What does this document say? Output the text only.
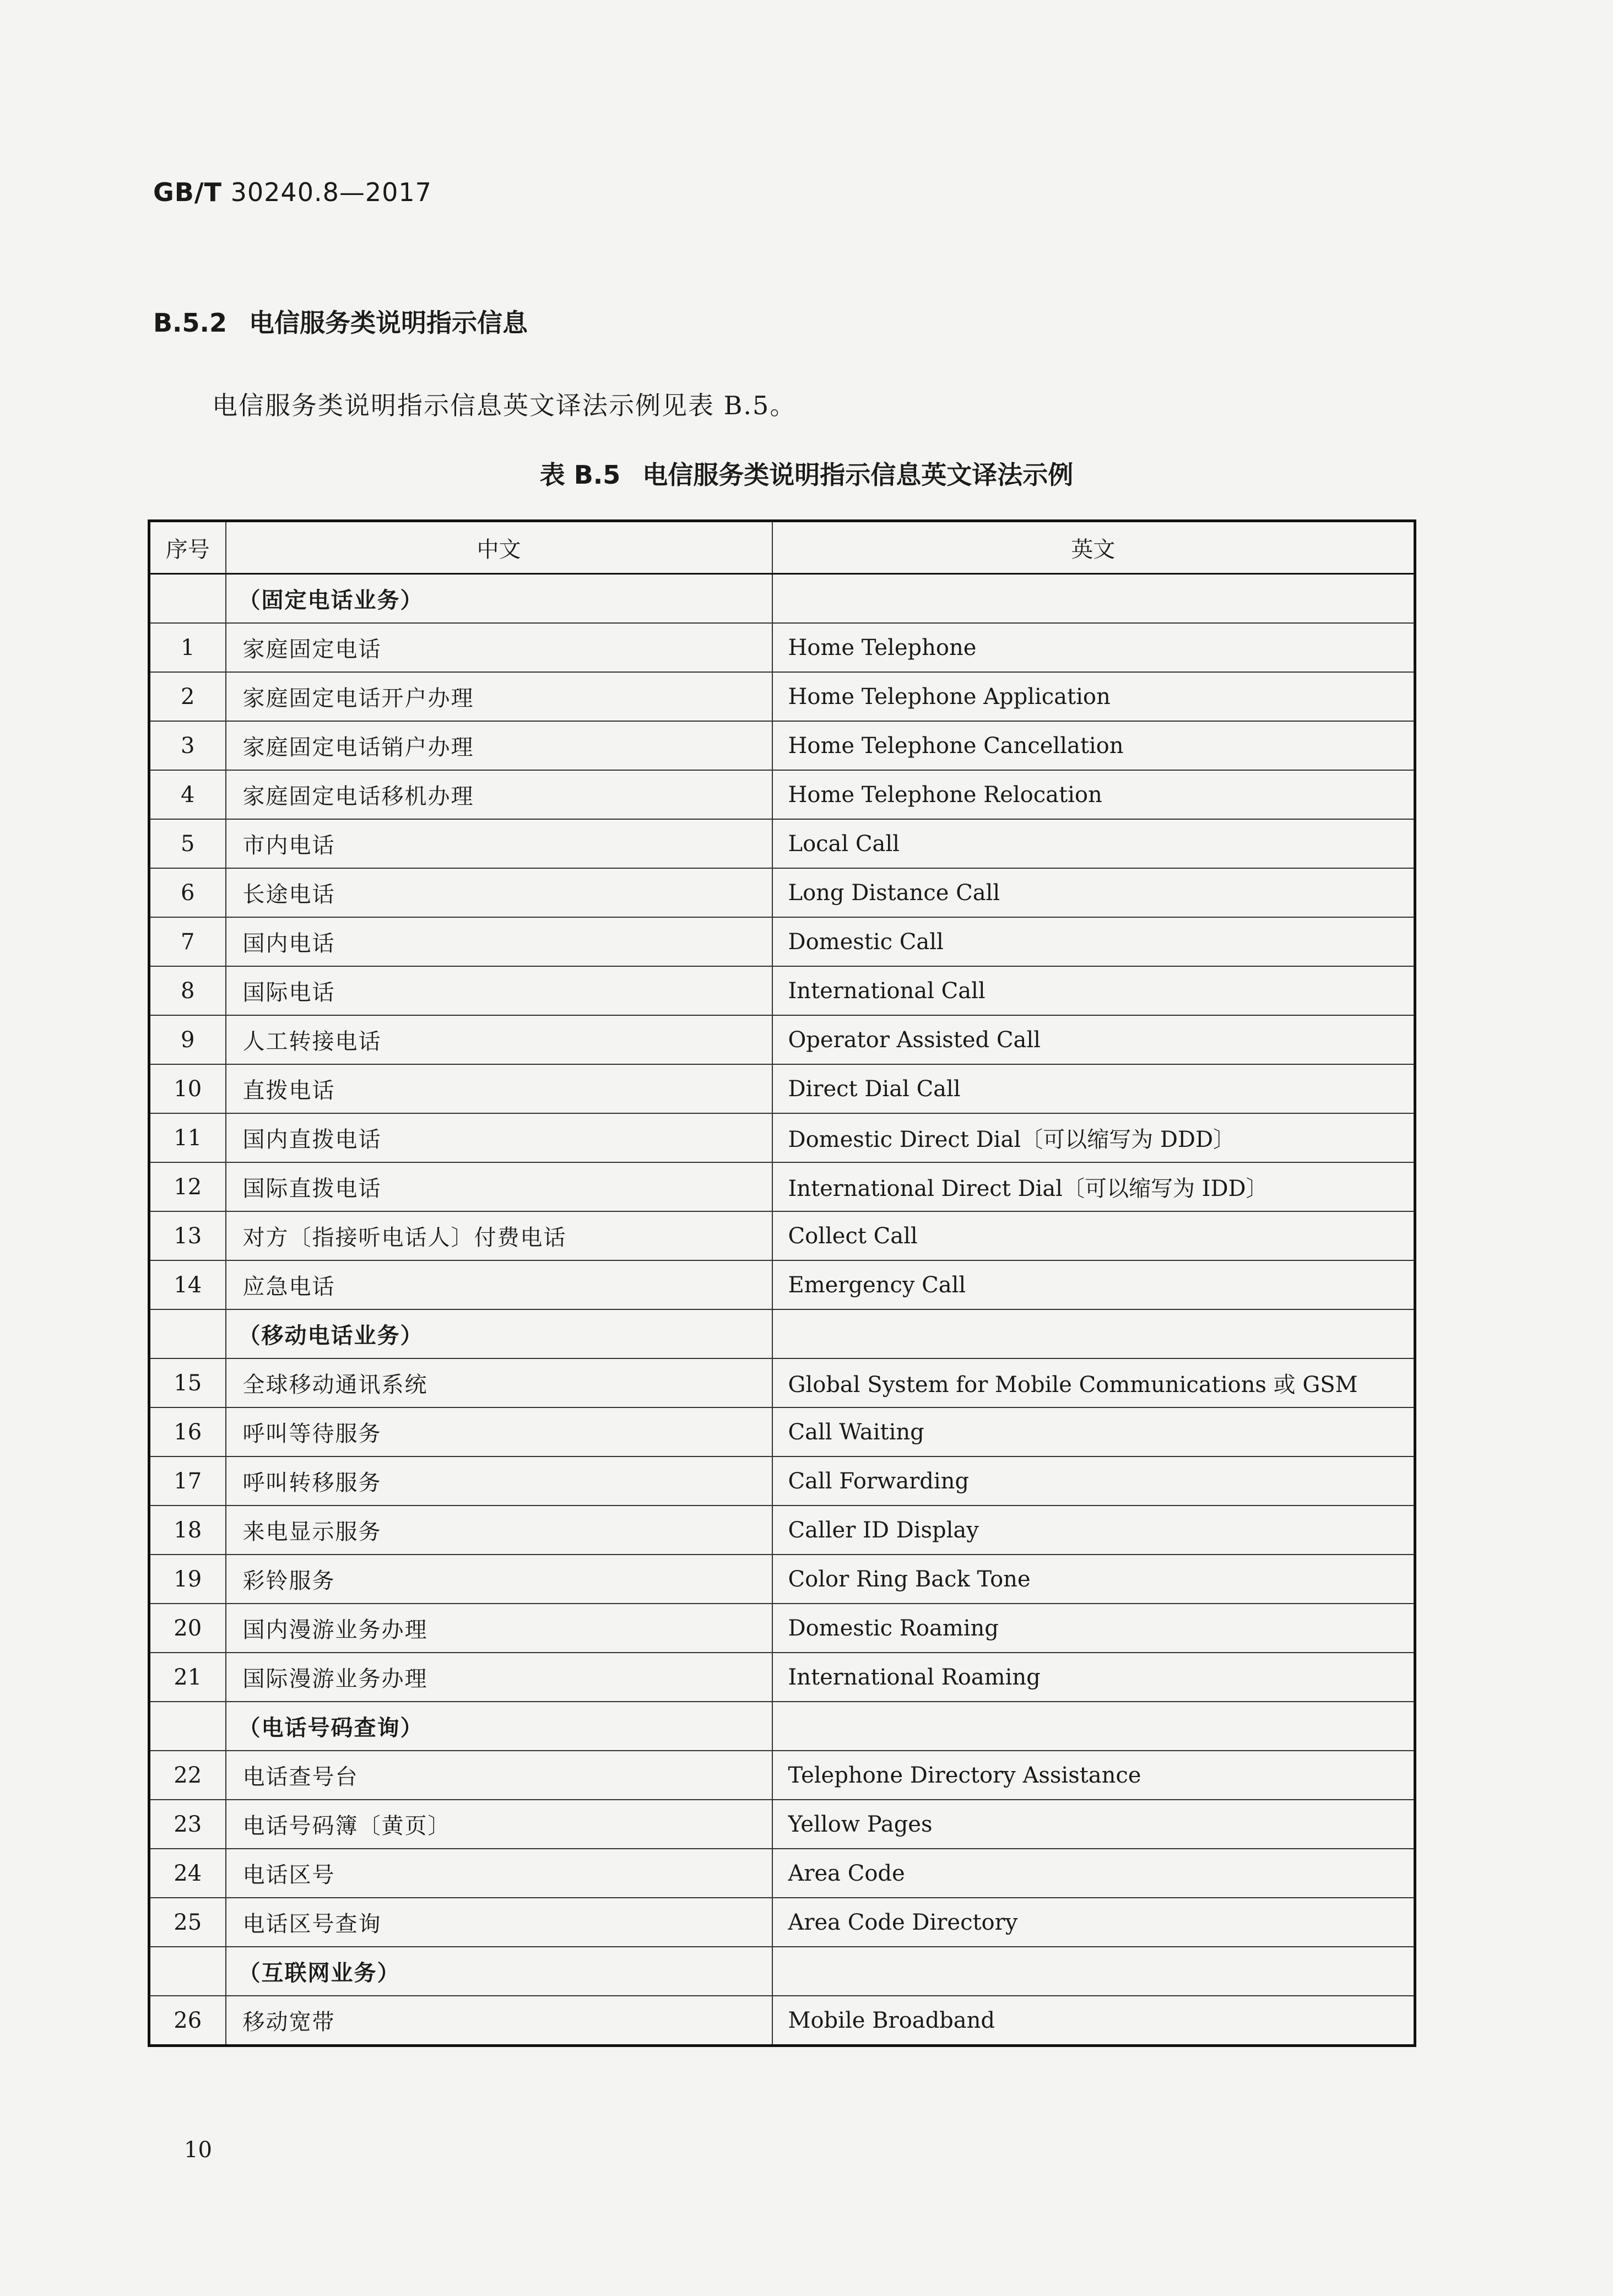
GB/T 30240.8—2017
B.5.2 电信服务类说明指示信息
电信服务类说明指示信息英文译法示例见表 B.5。
表 B.5 电信服务类说明指示信息英文译法示例
序号	中文	英文
	（固定电话业务）	
1	家庭固定电话	Home Telephone
2	家庭固定电话开户办理	Home Telephone Application
3	家庭固定电话销户办理	Home Telephone Cancellation
4	家庭固定电话移机办理	Home Telephone Relocation
5	市内电话	Local Call
6	长途电话	Long Distance Call
7	国内电话	Domestic Call
8	国际电话	International Call
9	人工转接电话	Operator Assisted Call
10	直拨电话	Direct Dial Call
11	国内直拨电话	Domestic Direct Dial〔可以缩写为 DDD〕
12	国际直拨电话	International Direct Dial〔可以缩写为 IDD〕
13	对方〔指接听电话人〕付费电话	Collect Call
14	应急电话	Emergency Call
	（移动电话业务）	
15	全球移动通讯系统	Global System for Mobile Communications 或 GSM
16	呼叫等待服务	Call Waiting
17	呼叫转移服务	Call Forwarding
18	来电显示服务	Caller ID Display
19	彩铃服务	Color Ring Back Tone
20	国内漫游业务办理	Domestic Roaming
21	国际漫游业务办理	International Roaming
	（电话号码查询）	
22	电话查号台	Telephone Directory Assistance
23	电话号码簿〔黄页〕	Yellow Pages
24	电话区号	Area Code
25	电话区号查询	Area Code Directory
	（互联网业务）	
26	移动宽带	Mobile Broadband
10
